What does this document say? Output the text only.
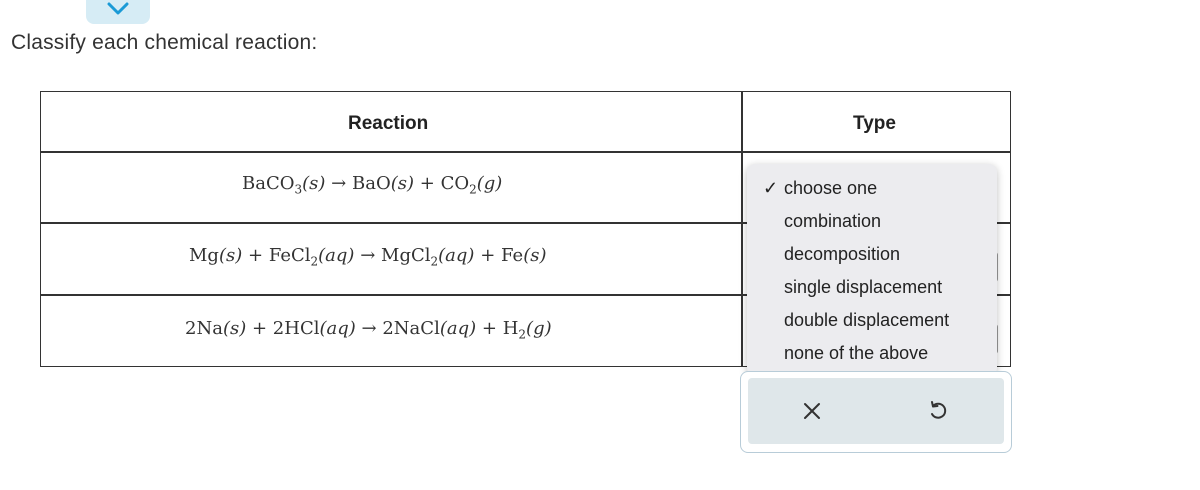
Classify each chemical reaction:
Reaction	Type
BaCO$_3$(s) → $BaO(s) + CO_2(g)$
Mg(s) + FeCl$_2$(aq) → MgCl$_2$(aq) + Fe(s)
2Na(s) + 2HCl(aq) → 2NaCl(aq) + $H_2(g)$
✓ choose one
combination
decomposition
single displacement
double displacement
none of the above
